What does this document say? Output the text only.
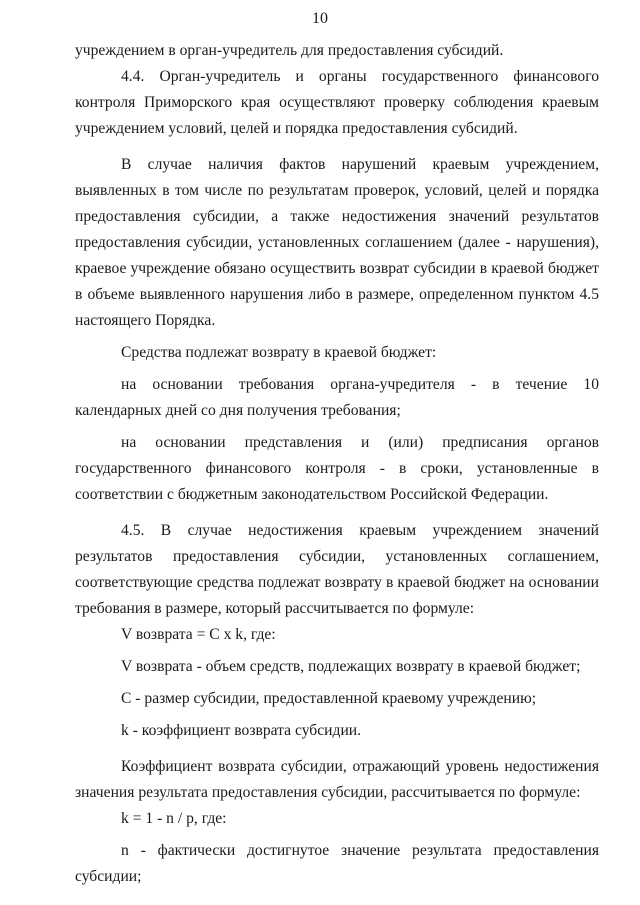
10

учреждением в орган-учредитель для предоставления субсидий.

4.4. Орган-учредитель и органы государственного финансового контроля Приморского края осуществляют проверку соблюдения краевым учреждением условий, целей и порядка предоставления субсидий.

В случае наличия фактов нарушений краевым учреждением, выявленных в том числе по результатам проверок, условий, целей и порядка предоставления субсидии, а также недостижения значений результатов предоставления субсидии, установленных соглашением (далее - нарушения), краевое учреждение обязано осуществить возврат субсидии в краевой бюджет в объеме выявленного нарушения либо в размере, определенном пунктом 4.5 настоящего Порядка.

Средства подлежат возврату в краевой бюджет:

на основании требования органа-учредителя - в течение 10 календарных дней со дня получения требования;

на основании представления и (или) предписания органов государственного финансового контроля - в сроки, установленные в соответствии с бюджетным законодательством Российской Федерации.

4.5. В случае недостижения краевым учреждением значений результатов предоставления субсидии, установленных соглашением, соответствующие средства подлежат возврату в краевой бюджет на основании требования в размере, который рассчитывается по формуле:

V возврата = C x k, где:

V возврата - объем средств, подлежащих возврату в краевой бюджет;

C - размер субсидии, предоставленной краевому учреждению;

k - коэффициент возврата субсидии.

Коэффициент возврата субсидии, отражающий уровень недостижения значения результата предоставления субсидии, рассчитывается по формуле:

k = 1 - n / p, где:

n - фактически достигнутое значение результата предоставления субсидии;
